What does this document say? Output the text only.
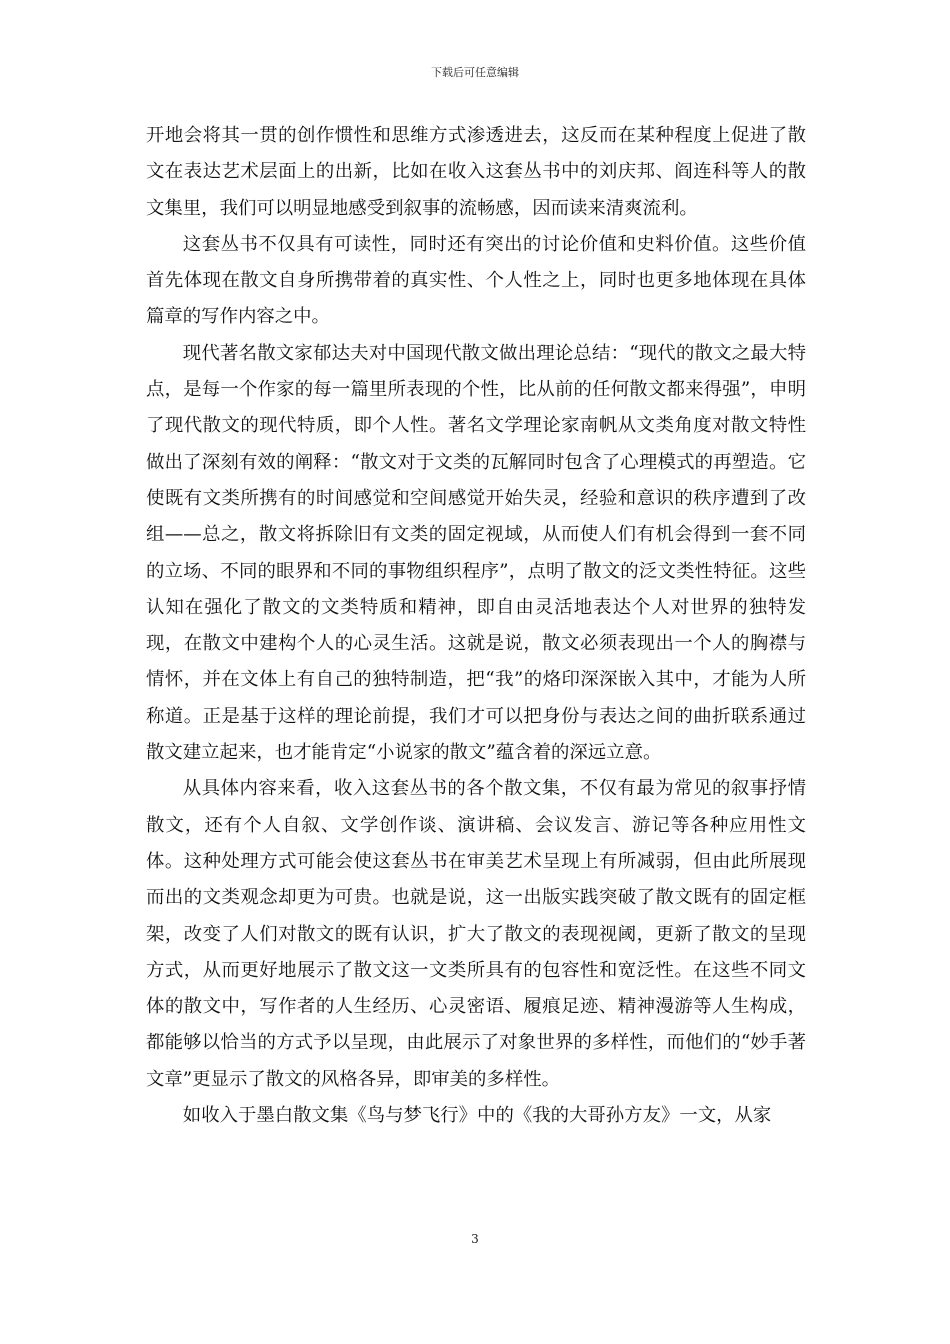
下载后可任意编辑

开地会将其一贯的创作惯性和思维方式渗透进去，这反而在某种程度上促进了散文在表达艺术层面上的出新，比如在收入这套丛书中的刘庆邦、阎连科等人的散文集里，我们可以明显地感受到叙事的流畅感，因而读来清爽流利。

这套丛书不仅具有可读性，同时还有突出的讨论价值和史料价值。这些价值首先体现在散文自身所携带着的真实性、个人性之上，同时也更多地体现在具体篇章的写作内容之中。

现代著名散文家郁达夫对中国现代散文做出理论总结：“现代的散文之最大特点，是每一个作家的每一篇里所表现的个性，比从前的任何散文都来得强”，申明了现代散文的现代特质，即个人性。著名文学理论家南帆从文类角度对散文特性做出了深刻有效的阐释：“散文对于文类的瓦解同时包含了心理模式的再塑造。它使既有文类所携有的时间感觉和空间感觉开始失灵，经验和意识的秩序遭到了改组——总之，散文将拆除旧有文类的固定视域，从而使人们有机会得到一套不同的立场、不同的眼界和不同的事物组织程序”，点明了散文的泛文类性特征。这些认知在强化了散文的文类特质和精神，即自由灵活地表达个人对世界的独特发现，在散文中建构个人的心灵生活。这就是说，散文必须表现出一个人的胸襟与情怀，并在文体上有自己的独特制造，把“我”的烙印深深嵌入其中，才能为人所称道。正是基于这样的理论前提，我们才可以把身份与表达之间的曲折联系通过散文建立起来，也才能肯定“小说家的散文”蕴含着的深远立意。

从具体内容来看，收入这套丛书的各个散文集，不仅有最为常见的叙事抒情散文，还有个人自叙、文学创作谈、演讲稿、会议发言、游记等各种应用性文体。这种处理方式可能会使这套丛书在审美艺术呈现上有所减弱，但由此所展现而出的文类观念却更为可贵。也就是说，这一出版实践突破了散文既有的固定框架，改变了人们对散文的既有认识，扩大了散文的表现视阈，更新了散文的呈现方式，从而更好地展示了散文这一文类所具有的包容性和宽泛性。在这些不同文体的散文中，写作者的人生经历、心灵密语、履痕足迹、精神漫游等人生构成，都能够以恰当的方式予以呈现，由此展示了对象世界的多样性，而他们的“妙手著文章”更显示了散文的风格各异，即审美的多样性。

如收入于墨白散文集《鸟与梦飞行》中的《我的大哥孙方友》一文，从家

3
